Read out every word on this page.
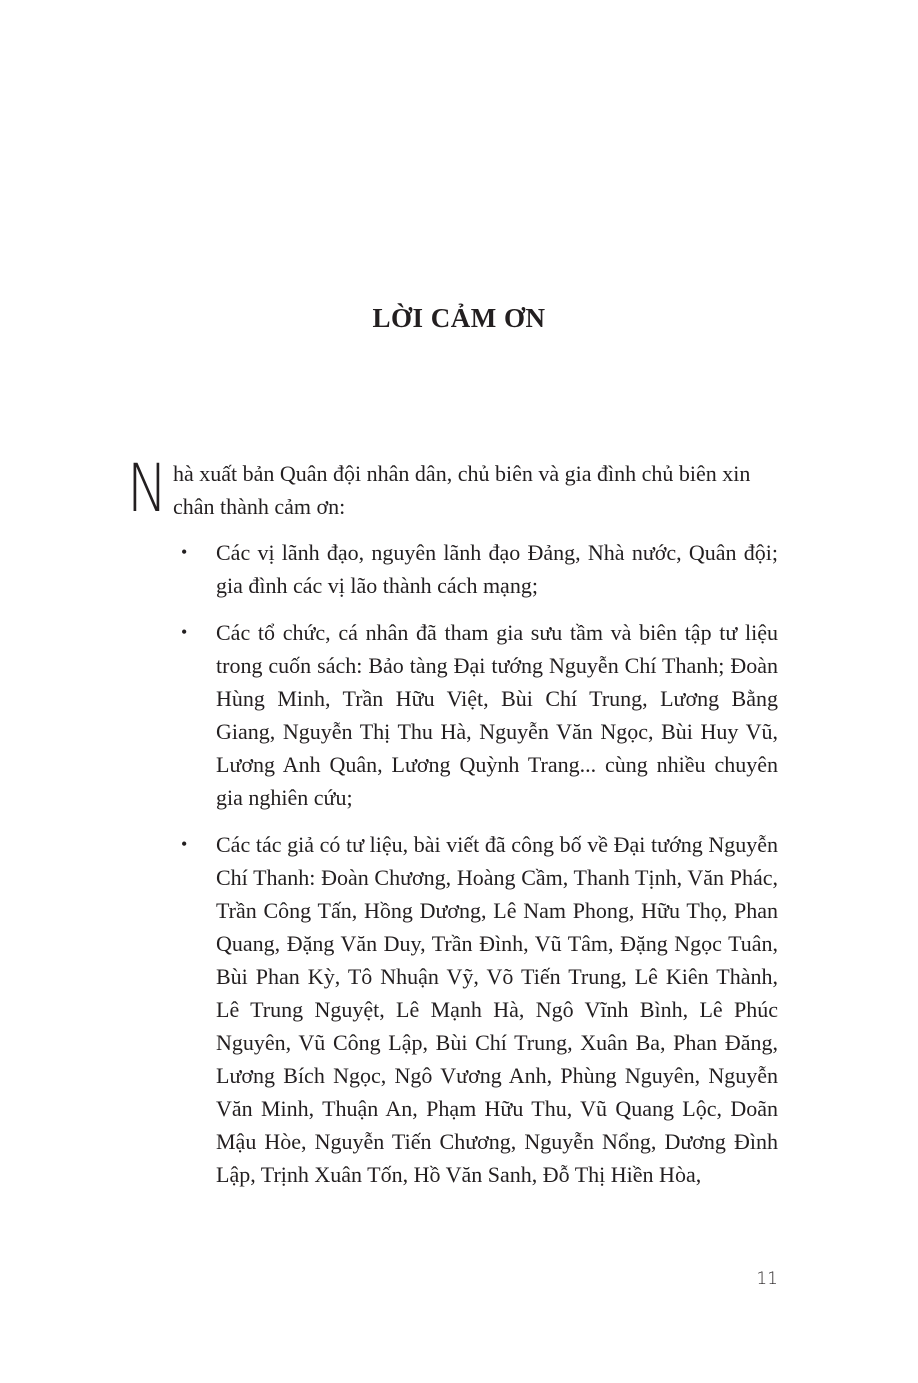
LỜI CẢM ƠN

N hà xuất bản Quân đội nhân dân, chủ biên và gia đình chủ biên xin chân thành cảm ơn:

• Các vị lãnh đạo, nguyên lãnh đạo Đảng, Nhà nước, Quân đội; gia đình các vị lão thành cách mạng;
• Các tổ chức, cá nhân đã tham gia sưu tầm và biên tập tư liệu trong cuốn sách: Bảo tàng Đại tướng Nguyễn Chí Thanh; Đoàn Hùng Minh, Trần Hữu Việt, Bùi Chí Trung, Lương Bằng Giang, Nguyễn Thị Thu Hà, Nguyễn Văn Ngọc, Bùi Huy Vũ, Lương Anh Quân, Lương Quỳnh Trang... cùng nhiều chuyên gia nghiên cứu;
• Các tác giả có tư liệu, bài viết đã công bố về Đại tướng Nguyễn Chí Thanh: Đoàn Chương, Hoàng Cầm, Thanh Tịnh, Văn Phác, Trần Công Tấn, Hồng Dương, Lê Nam Phong, Hữu Thọ, Phan Quang, Đặng Văn Duy, Trần Đình, Vũ Tâm, Đặng Ngọc Tuân, Bùi Phan Kỳ, Tô Nhuận Vỹ, Võ Tiến Trung, Lê Kiên Thành, Lê Trung Nguyệt, Lê Mạnh Hà, Ngô Vĩnh Bình, Lê Phúc Nguyên, Vũ Công Lập, Bùi Chí Trung, Xuân Ba, Phan Đăng, Lương Bích Ngọc, Ngô Vương Anh, Phùng Nguyên, Nguyễn Văn Minh, Thuận An, Phạm Hữu Thu, Vũ Quang Lộc, Doãn Mậu Hòe, Nguyễn Tiến Chương, Nguyễn Nổng, Dương Đình Lập, Trịnh Xuân Tốn, Hồ Văn Sanh, Đỗ Thị Hiền Hòa,
11
